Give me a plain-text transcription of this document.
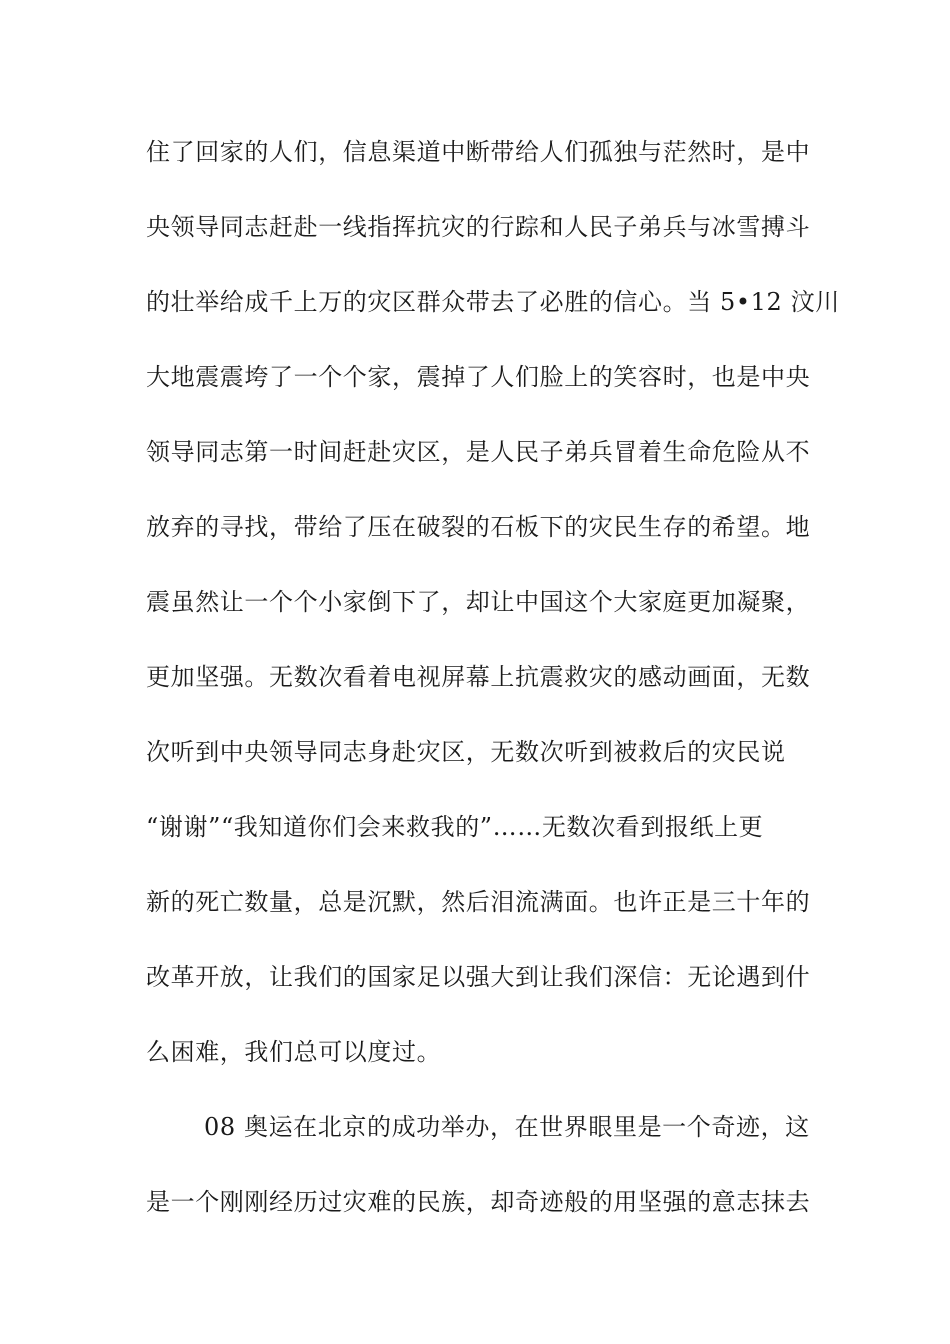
住了回家的人们，信息渠道中断带给人们孤独与茫然时，是中
央领导同志赶赴一线指挥抗灾的行踪和人民子弟兵与冰雪搏斗
的壮举给成千上万的灾区群众带去了必胜的信心。当 5•12 汶川
大地震震垮了一个个家，震掉了人们脸上的笑容时，也是中央
领导同志第一时间赶赴灾区，是人民子弟兵冒着生命危险从不
放弃的寻找，带给了压在破裂的石板下的灾民生存的希望。地
震虽然让一个个小家倒下了，却让中国这个大家庭更加凝聚，
更加坚强。无数次看着电视屏幕上抗震救灾的感动画面，无数
次听到中央领导同志身赴灾区，无数次听到被救后的灾民说
“谢谢”“我知道你们会来救我的”……无数次看到报纸上更
新的死亡数量，总是沉默，然后泪流满面。也许正是三十年的
改革开放，让我们的国家足以强大到让我们深信：无论遇到什
么困难，我们总可以度过。
08 奥运在北京的成功举办，在世界眼里是一个奇迹，这
是一个刚刚经历过灾难的民族，却奇迹般的用坚强的意志抹去
